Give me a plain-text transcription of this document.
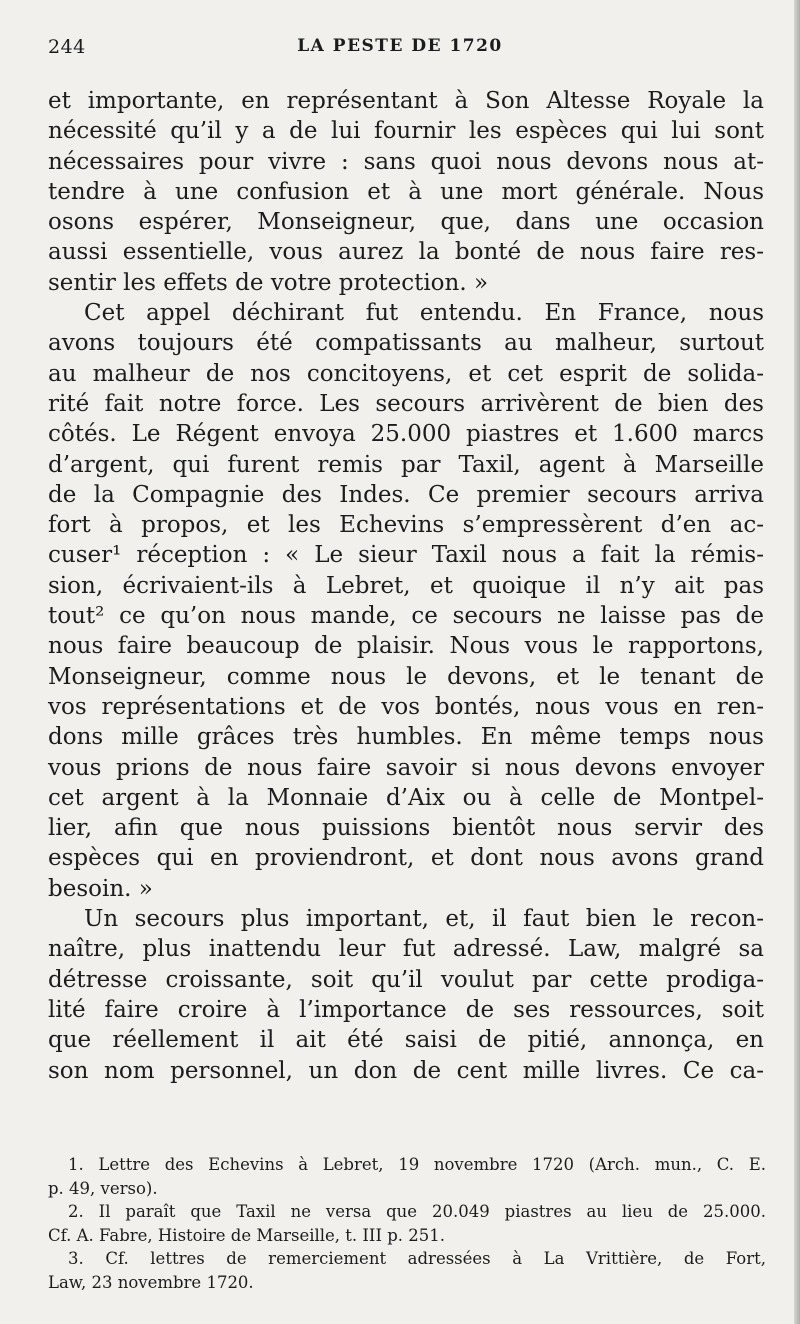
244	LA PESTE DE 1720
et importante, en représentant à Son Altesse Royale la
nécessité qu’il y a de lui fournir les espèces qui lui sont
nécessaires pour vivre : sans quoi nous devons nous at-
tendre à une confusion et à une mort générale. Nous
osons espérer, Monseigneur, que, dans une occasion
aussi essentielle, vous aurez la bonté de nous faire res-
sentir les effets de votre protection. »
Cet appel déchirant fut entendu. En France, nous
avons toujours été compatissants au malheur, surtout
au malheur de nos concitoyens, et cet esprit de solida-
rité fait notre force. Les secours arrivèrent de bien des
côtés. Le Régent envoya 25.000 piastres et 1.600 marcs
d’argent, qui furent remis par Taxil, agent à Marseille
de la Compagnie des Indes. Ce premier secours arriva
fort à propos, et les Echevins s’empressèrent d’en ac-
cuser¹ réception : « Le sieur Taxil nous a fait la rémis-
sion, écrivaient-ils à Lebret, et quoique il n’y ait pas
tout² ce qu’on nous mande, ce secours ne laisse pas de
nous faire beaucoup de plaisir. Nous vous le rapportons,
Monseigneur, comme nous le devons, et le tenant de
vos représentations et de vos bontés, nous vous en ren-
dons mille grâces très humbles. En même temps nous
vous prions de nous faire savoir si nous devons envoyer
cet argent à la Monnaie d’Aix ou à celle de Montpel-
lier, afin que nous puissions bientôt nous servir des
espèces qui en proviendront, et dont nous avons grand
besoin. »
Un secours plus important, et, il faut bien le recon-
naître, plus inattendu leur fut adressé. Law, malgré sa
détresse croissante, soit qu’il voulut par cette prodiga-
lité faire croire à l’importance de ses ressources, soit
que réellement il ait été saisi de pitié, annonça, en
son nom personnel, un don de cent mille livres. Ce ca-
1. Lettre des Echevins à Lebret, 19 novembre 1720 (Arch. mun., C. E.
p. 49, verso).
2. Il paraît que Taxil ne versa que 20.049 piastres au lieu de 25.000.
Cf. A. Fabre, Histoire de Marseille, t. III p. 251.
3. Cf. lettres de remerciement adressées à La Vrittière, de Fort,
Law, 23 novembre 1720.
